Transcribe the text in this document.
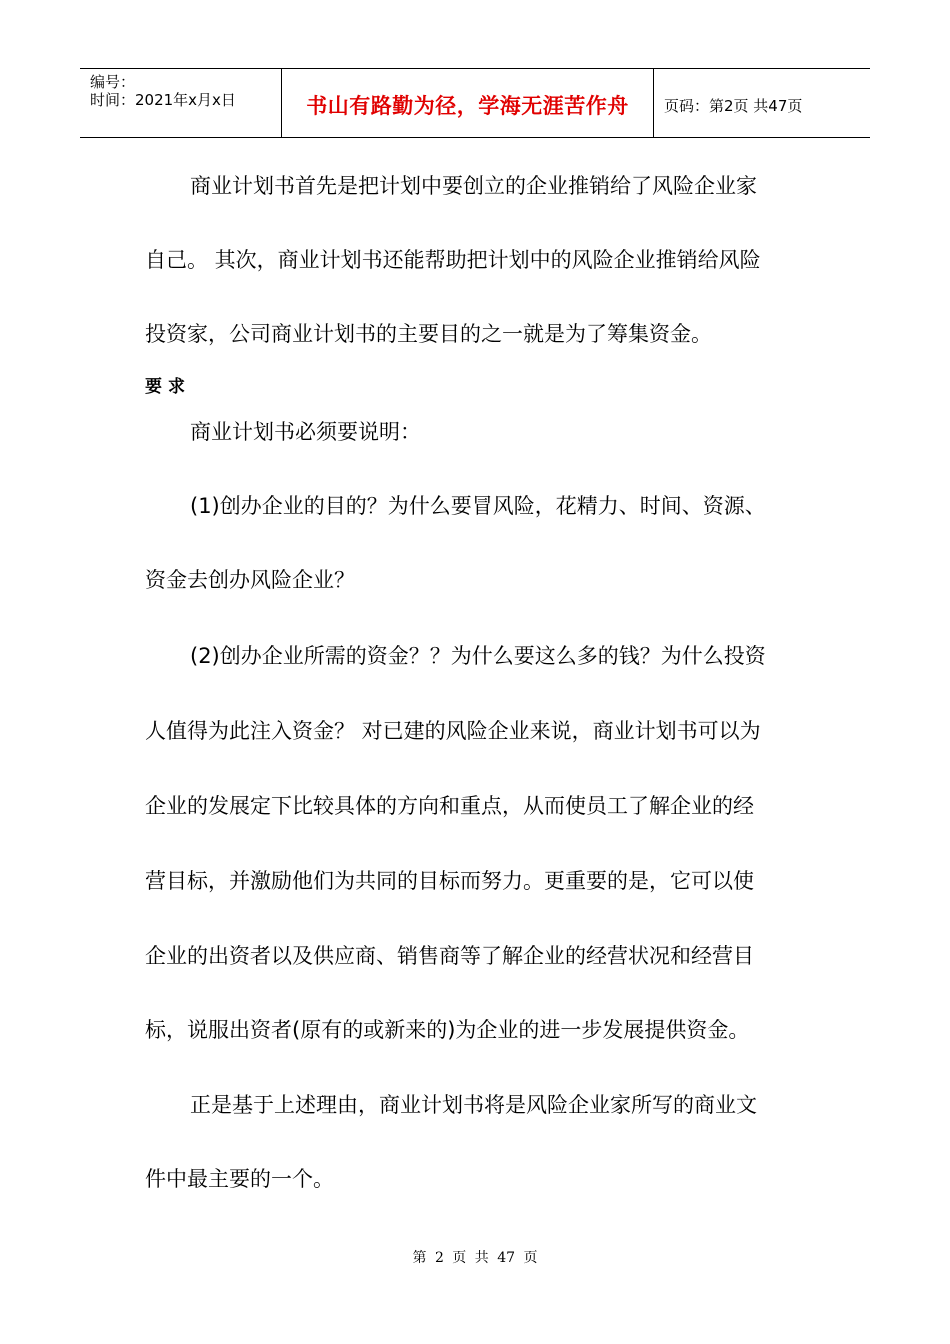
编号：
时间：2021年x月x日	书山有路勤为径，学海无涯苦作舟 页码：第2页 共47页
商业计划书首先是把计划中要创立的企业推销给了风险企业家
自己。 其次，商业计划书还能帮助把计划中的风险企业推销给风险
投资家，公司商业计划书的主要目的之一就是为了筹集资金。
要求
商业计划书必须要说明：
(1)创办企业的目的？为什么要冒风险，花精力、时间、资源、
资金去创办风险企业？
(2)创办企业所需的资金？？为什么要这么多的钱？为什么投资
人值得为此注入资金？ 对已建的风险企业来说，商业计划书可以为
企业的发展定下比较具体的方向和重点，从而使员工了解企业的经
营目标，并激励他们为共同的目标而努力。更重要的是，它可以使
企业的出资者以及供应商、销售商等了解企业的经营状况和经营目
标，说服出资者(原有的或新来的)为企业的进一步发展提供资金。
正是基于上述理由，商业计划书将是风险企业家所写的商业文
件中最主要的一个。
第 2 页 共 47 页
